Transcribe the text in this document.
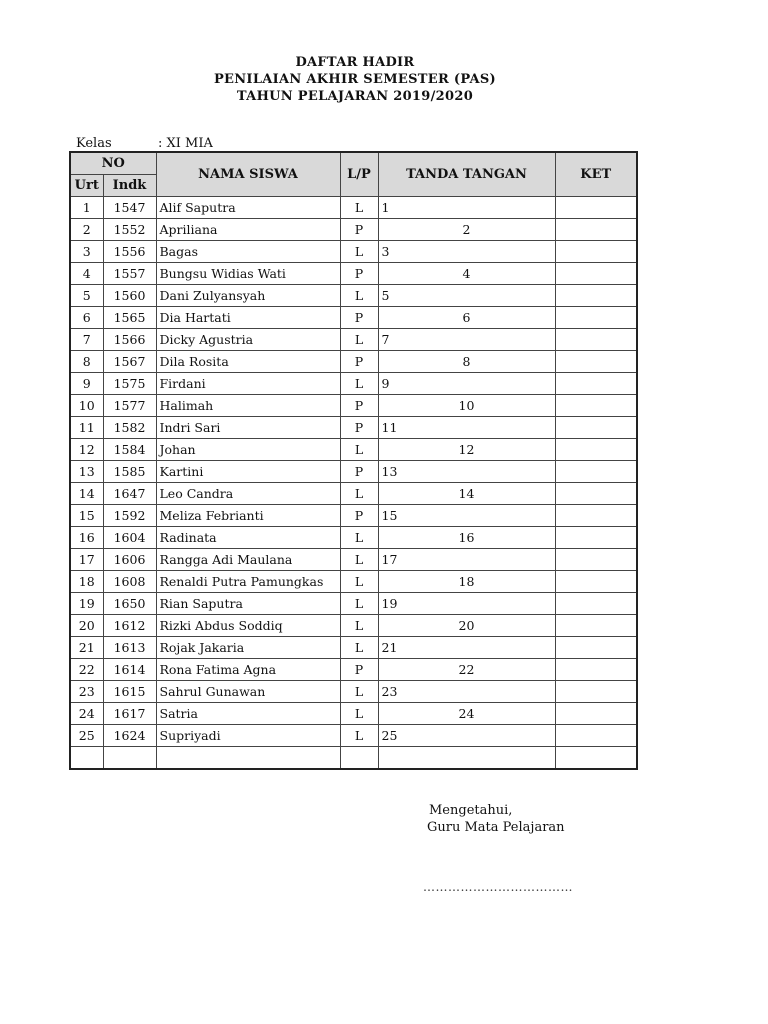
DAFTAR HADIR
PENILAIAN AKHIR SEMESTER (PAS)
TAHUN PELAJARAN 2019/2020
Kelas	: XI MIA
NO		NAMA SISWA	L/P	TANDA TANGAN	KET
Urt	Indk				
1	1547	Alif Saputra	L	1	
2	1552	Apriliana	P	2	
3	1556	Bagas	L	3	
4	1557	Bungsu Widias Wati	P	4	
5	1560	Dani Zulyansyah	L	5	
6	1565	Dia Hartati	P	6	
7	1566	Dicky Agustria	L	7	
8	1567	Dila Rosita	P	8	
9	1575	Firdani	L	9	
10	1577	Halimah	P	10	
11	1582	Indri Sari	P	11	
12	1584	Johan	L	12	
13	1585	Kartini	P	13	
14	1647	Leo Candra	L	14	
15	1592	Meliza Febrianti	P	15	
16	1604	Radinata	L	16	
17	1606	Rangga Adi Maulana	L	17	
18	1608	Renaldi Putra Pamungkas	L	18	
19	1650	Rian Saputra	L	19	
20	1612	Rizki Abdus Soddiq	L	20	
21	1613	Rojak Jakaria	L	21	
22	1614	Rona Fatima Agna	P	22	
23	1615	Sahrul Gunawan	L	23	
24	1617	Satria	L	24	
25	1624	Supriyadi	L	25	

Mengetahui,
Guru Mata Pelajaran
………………………………
